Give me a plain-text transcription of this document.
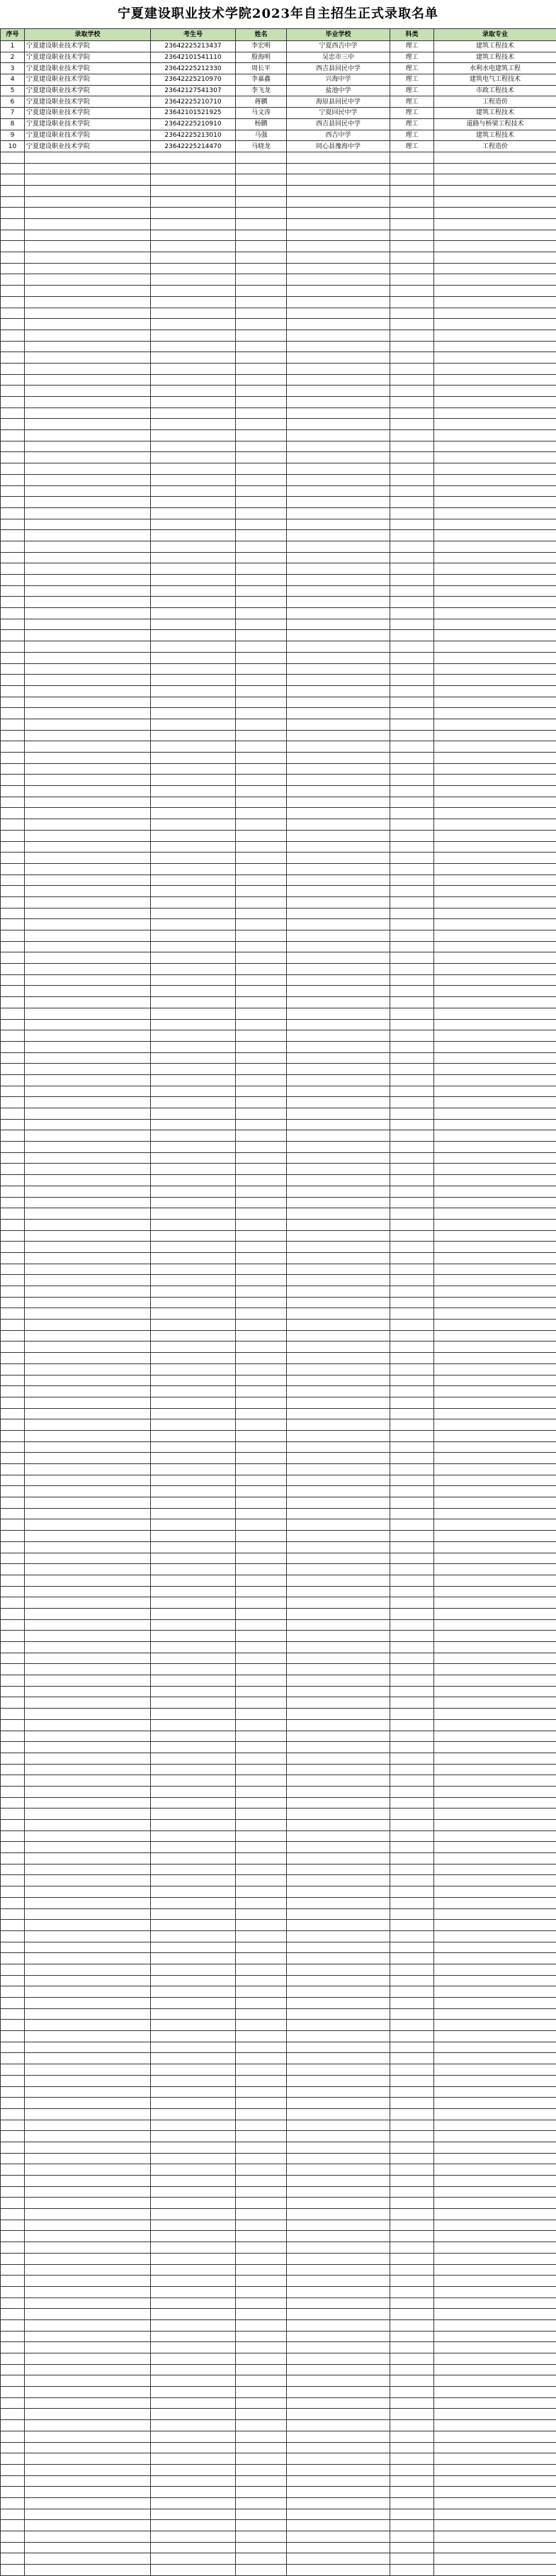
宁夏建设职业技术学院2023年自主招生正式录取名单
序号	录取学校	考生号	姓名	毕业学校	科类	录取专业
1	宁夏建设职业技术学院	23642225213437	李宏明	宁夏西吉中学	理工	建筑工程技术
2	宁夏建设职业技术学院	23642101541110	殷海明	吴忠市三中	理工	建筑工程技术
3	宁夏建设职业技术学院	23642225212330	周长平	西吉县回民中学	理工	水利水电建筑工程
4	宁夏建设职业技术学院	23642225210970	李嘉鑫	兴海中学	理工	建筑电气工程技术
5	宁夏建设职业技术学院	23642127541307	李飞龙	盐池中学	理工	市政工程技术
6	宁夏建设职业技术学院	23642225210710	蒋鹏	海原县回民中学	理工	工程造价
7	宁夏建设职业技术学院	23642101521925	马文涛	宁夏回民中学	理工	建筑工程技术
8	宁夏建设职业技术学院	23642225210910	杨鹏	西吉县回民中学	理工	道路与桥梁工程技术
9	宁夏建设职业技术学院	23642225213010	马强	西吉中学	理工	建筑工程技术
10	宁夏建设职业技术学院	23642225214470	马晓龙	同心县豫海中学	理工	工程造价
